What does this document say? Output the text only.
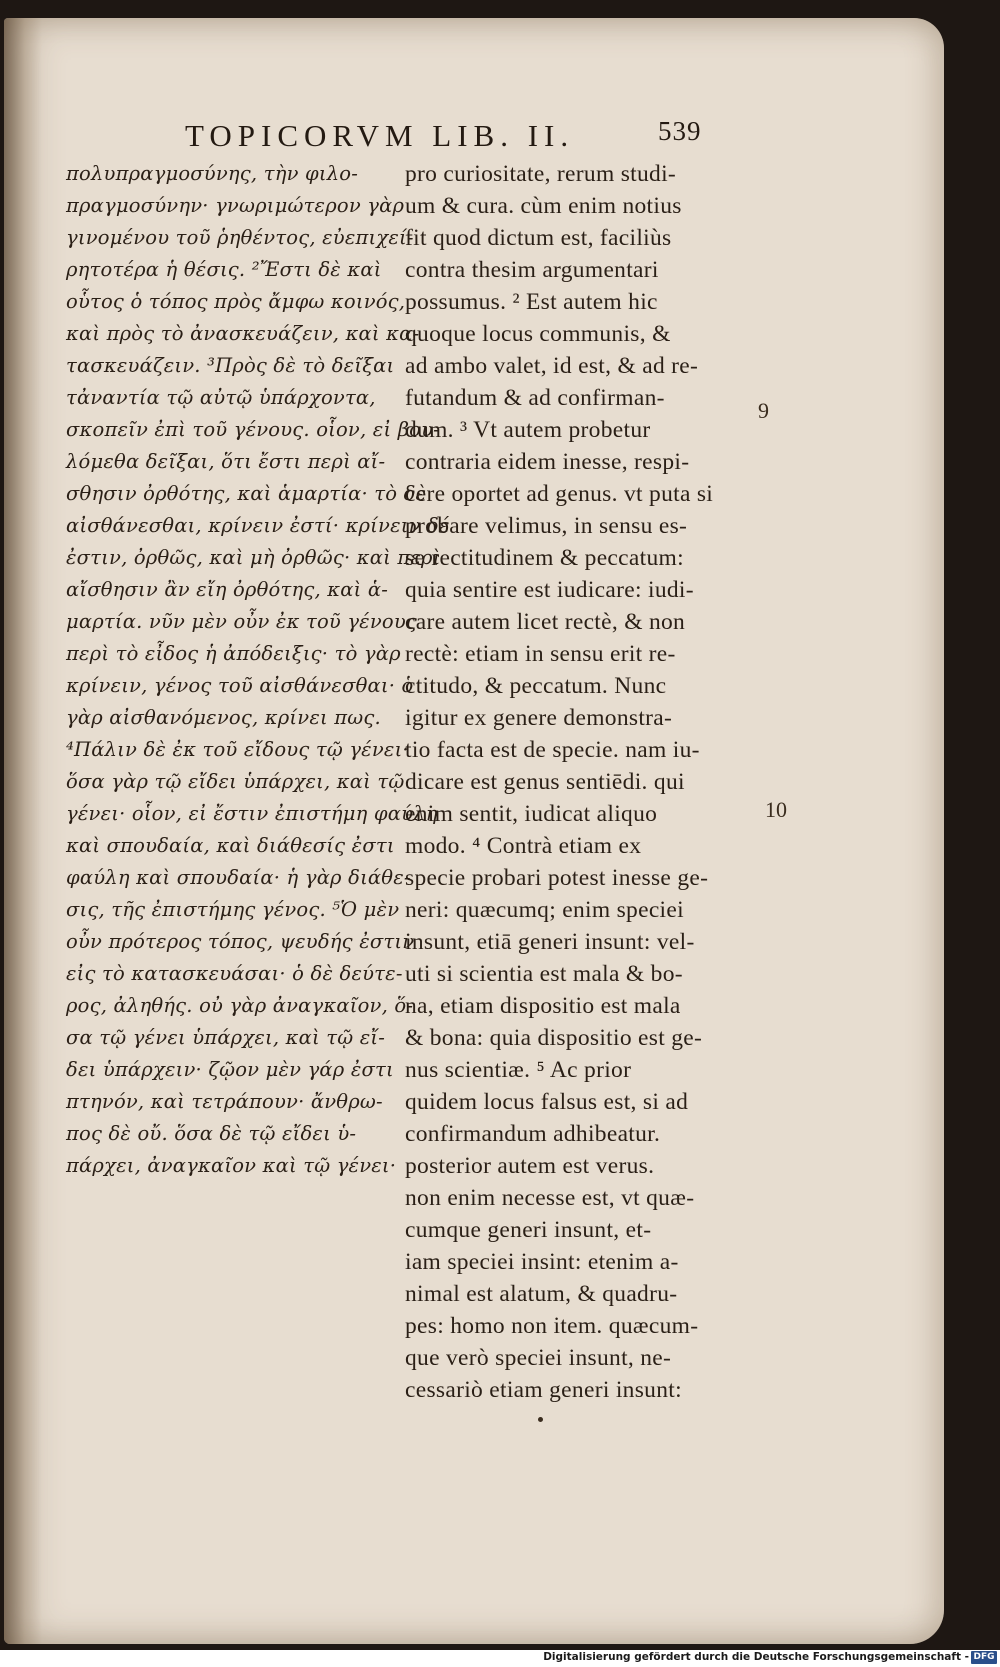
TOPICORVM LIB. II.	539
πολυπραγμοσύνης, τὴν φιλο-
πραγμοσύνην· γνωριμώτερον γὰρ
γινομένου τοῦ ῥηθέντος, εὐεπιχεί-
ρητοτέρα ἡ θέσις. ²Ἔστι δὲ καὶ
οὗτος ὁ τόπος πρὸς ἄμφω κοινός,
καὶ πρὸς τὸ ἀνασκευάζειν, καὶ κα-
τασκευάζειν. ³Πρὸς δὲ τὸ δεῖξαι
τἀναντία τῷ αὐτῷ ὑπάρχοντα,
σκοπεῖν ἐπὶ τοῦ γένους. οἷον, εἰ βου-
λόμεθα δεῖξαι, ὅτι ἔστι περὶ αἴ-
σθησιν ὀρθότης, καὶ ἁμαρτία· τὸ δὲ
αἰσθάνεσθαι, κρίνειν ἐστί· κρίνειν δέ
ἐστιν, ὀρθῶς, καὶ μὴ ὀρθῶς· καὶ περὶ
αἴσθησιν ἂν εἴη ὀρθότης, καὶ ἁ-
μαρτία. νῦν μὲν οὖν ἐκ τοῦ γένους
περὶ τὸ εἶδος ἡ ἀπόδειξις· τὸ γὰρ
κρίνειν, γένος τοῦ αἰσθάνεσθαι· ὁ
γὰρ αἰσθανόμενος, κρίνει πως.
⁴Πάλιν δὲ ἐκ τοῦ εἴδους τῷ γένει·
ὅσα γὰρ τῷ εἴδει ὑπάρχει, καὶ τῷ
γένει· οἷον, εἰ ἔστιν ἐπιστήμη φαύλη
καὶ σπουδαία, καὶ διάθεσίς ἐστι
φαύλη καὶ σπουδαία· ἡ γὰρ διάθε-
σις, τῆς ἐπιστήμης γένος. ⁵Ὁ μὲν
οὖν πρότερος τόπος, ψευδής ἐστιν
εἰς τὸ κατασκευάσαι· ὁ δὲ δεύτε-
ρος, ἀληθής. οὐ γὰρ ἀναγκαῖον, ὅ-
σα τῷ γένει ὑπάρχει, καὶ τῷ εἴ-
δει ὑπάρχειν· ζῷον μὲν γάρ ἐστι
πτηνόν, καὶ τετράπουν· ἄνθρω-
πος δὲ οὔ. ὅσα δὲ τῷ εἴδει ὑ-
πάρχει, ἀναγκαῖον καὶ τῷ γένει·
pro curiositate, rerum studi-
um & cura. cùm enim notius
fit quod dictum est, faciliùs
contra thesim argumentari
possumus. ² Est autem hic
quoque locus communis, &
ad ambo valet, id est, & ad re-
futandum & ad confirman-
dum. ³ Vt autem probetur
contraria eidem inesse, respi-
cere oportet ad genus. vt puta si
probare velimus, in sensu es-
se rectitudinem & peccatum:
quia sentire est iudicare: iudi-
care autem licet rectè, & non
rectè: etiam in sensu erit re-
ctitudo, & peccatum. Nunc
igitur ex genere demonstra-
tio facta est de specie. nam iu-
dicare est genus sentiēdi. qui
enim sentit, iudicat aliquo
modo. ⁴ Contrà etiam ex
specie probari potest inesse ge-
neri: quæcumq; enim speciei
insunt, etiā generi insunt: vel-
uti si scientia est mala & bo-
na, etiam dispositio est mala
& bona: quia dispositio est ge-
nus scientiæ. ⁵ Ac prior
quidem locus falsus est, si ad
confirmandum adhibeatur.
posterior autem est verus.
non enim necesse est, vt quæ-
cumque generi insunt, et-
iam speciei insint: etenim a-
nimal est alatum, & quadru-
pes: homo non item. quæcum-
que verò speciei insunt, ne-
cessariò etiam generi insunt:
9
10
Digitalisierung gefördert durch die Deutsche Forschungsgemeinschaft - DFG
